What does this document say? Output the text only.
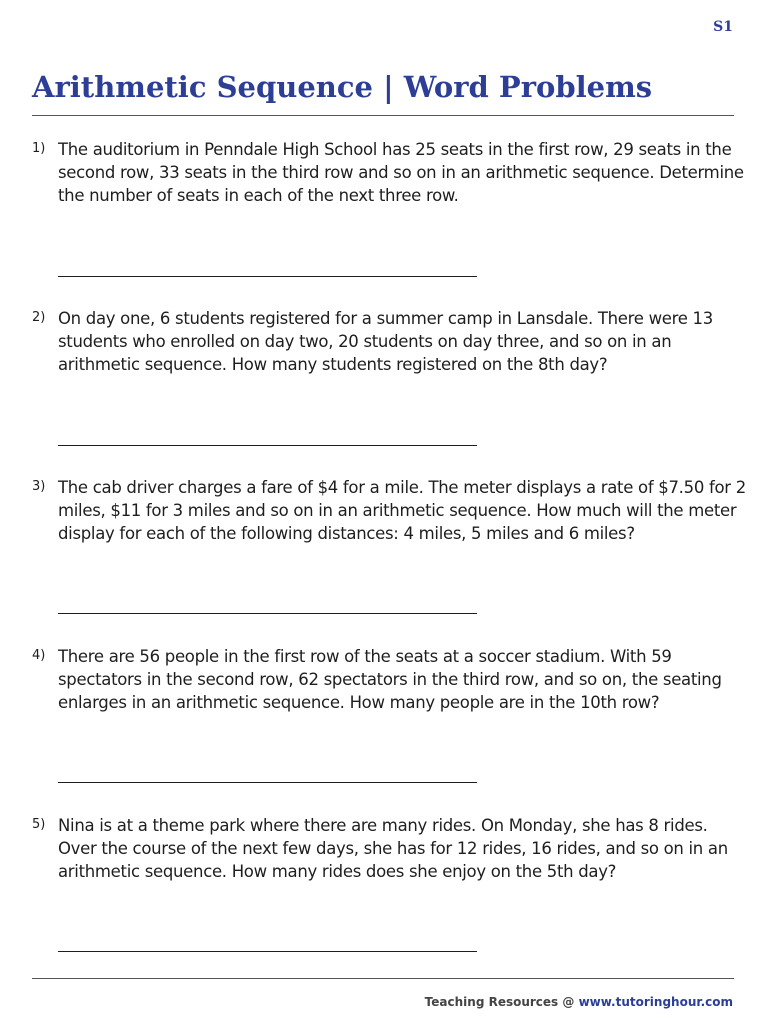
S1
Arithmetic Sequence | Word Problems
1) The auditorium in Penndale High School has 25 seats in the first row, 29 seats in the second row, 33 seats in the third row and so on in an arithmetic sequence. Determine the number of seats in each of the next three row.

2) On day one, 6 students registered for a summer camp in Lansdale. There were 13 students who enrolled on day two, 20 students on day three, and so on in an arithmetic sequence. How many students registered on the 8th day?

3) The cab driver charges a fare of $4 for a mile. The meter displays a rate of $7.50 for 2 miles, $11 for 3 miles and so on in an arithmetic sequence. How much will the meter display for each of the following distances: 4 miles, 5 miles and 6 miles?

4) There are 56 people in the first row of the seats at a soccer stadium. With 59 spectators in the second row, 62 spectators in the third row, and so on, the seating enlarges in an arithmetic sequence. How many people are in the 10th row?

5) Nina is at a theme park where there are many rides. On Monday, she has 8 rides. Over the course of the next few days, she has for 12 rides, 16 rides, and so on in an arithmetic sequence. How many rides does she enjoy on the 5th day?

Teaching Resources @ www.tutoringhour.com
